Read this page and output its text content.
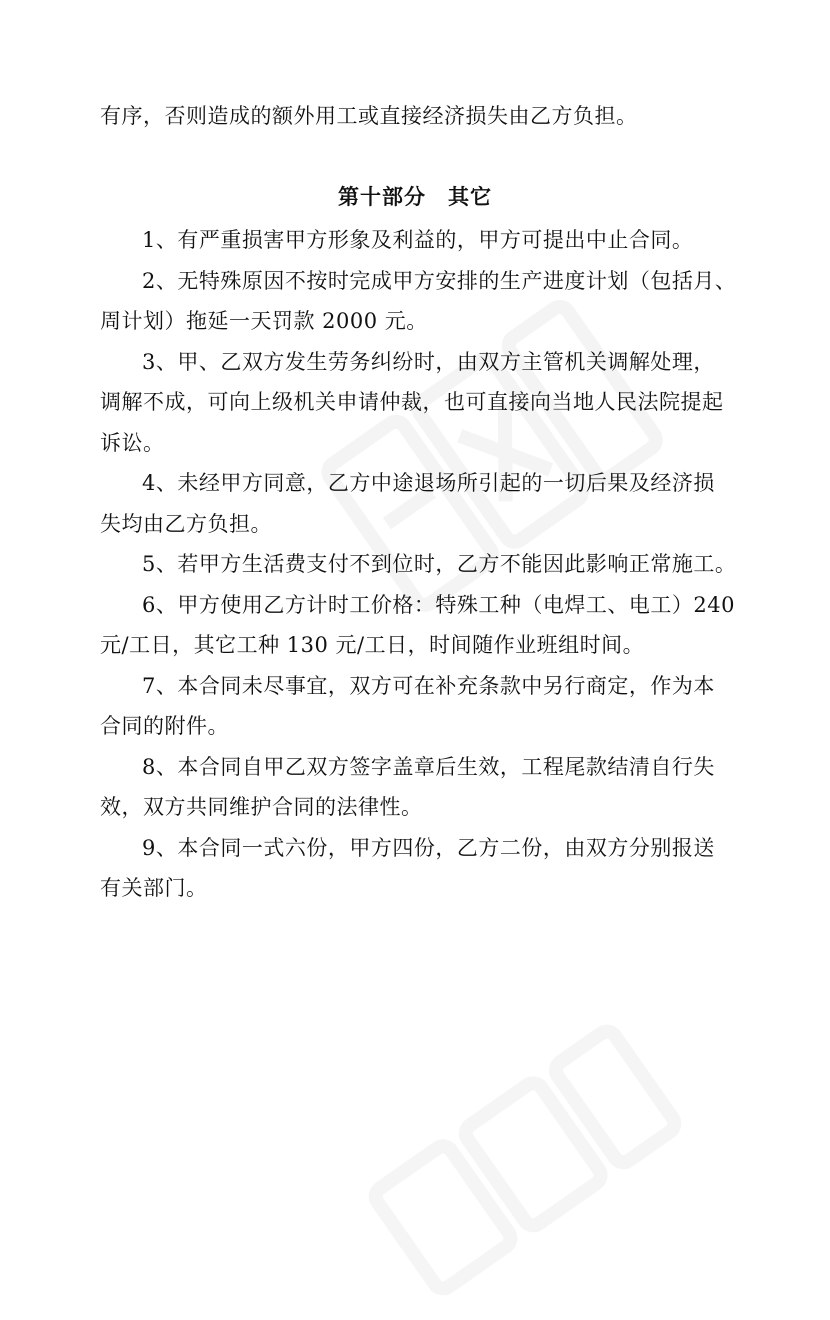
有序，否则造成的额外用工或直接经济损失由乙方负担。
第十部分 其它
1、有严重损害甲方形象及利益的，甲方可提出中止合同。
2、无特殊原因不按时完成甲方安排的生产进度计划（包括月、
周计划）拖延一天罚款 2000 元。
3、甲、乙双方发生劳务纠纷时，由双方主管机关调解处理，
调解不成，可向上级机关申请仲裁，也可直接向当地人民法院提起
诉讼。
4、未经甲方同意，乙方中途退场所引起的一切后果及经济损
失均由乙方负担。
5、若甲方生活费支付不到位时，乙方不能因此影响正常施工。
6、甲方使用乙方计时工价格：特殊工种（电焊工、电工）240
元/工日，其它工种 130 元/工日，时间随作业班组时间。
7、本合同未尽事宜，双方可在补充条款中另行商定，作为本
合同的附件。
8、本合同自甲乙双方签字盖章后生效，工程尾款结清自行失
效，双方共同维护合同的法律性。
9、本合同一式六份，甲方四份，乙方二份，由双方分别报送
有关部门。
